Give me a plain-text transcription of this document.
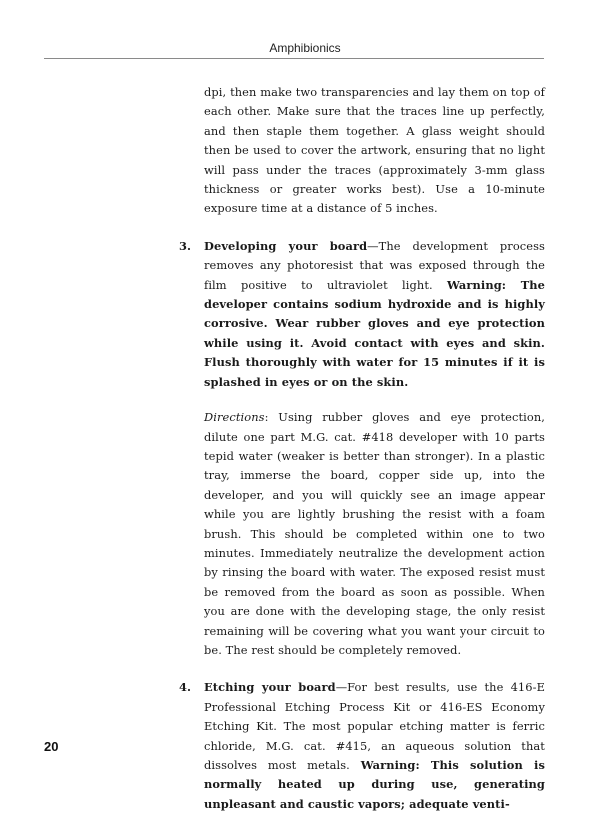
Amphibionics

dpi, then make two transparencies and lay them on top of each other. Make sure that the traces line up perfectly, and then staple them together. A glass weight should then be used to cover the artwork, ensuring that no light will pass under the traces (approximately 3-mm glass thickness or greater works best). Use a 10-minute exposure time at a distance of 5 inches.

3. Developing your board—The development process removes any photoresist that was exposed through the film positive to ultraviolet light. Warning: The developer contains sodium hydroxide and is highly corrosive. Wear rubber gloves and eye protection while using it. Avoid contact with eyes and skin. Flush thoroughly with water for 15 minutes if it is splashed in eyes or on the skin.

Directions: Using rubber gloves and eye protection, dilute one part M.G. cat. #418 developer with 10 parts tepid water (weaker is better than stronger). In a plastic tray, immerse the board, copper side up, into the developer, and you will quickly see an image appear while you are lightly brushing the resist with a foam brush. This should be completed within one to two minutes. Immediately neutralize the development action by rinsing the board with water. The exposed resist must be removed from the board as soon as possible. When you are done with the developing stage, the only resist remaining will be covering what you want your circuit to be. The rest should be completely removed.

4. Etching your board—For best results, use the 416-E Professional Etching Process Kit or 416-ES Economy Etching Kit. The most popular etching matter is ferric chloride, M.G. cat. #415, an aqueous solution that dissolves most metals. Warning: This solution is normally heated up during use, generating unpleasant and caustic vapors; adequate venti-
20
